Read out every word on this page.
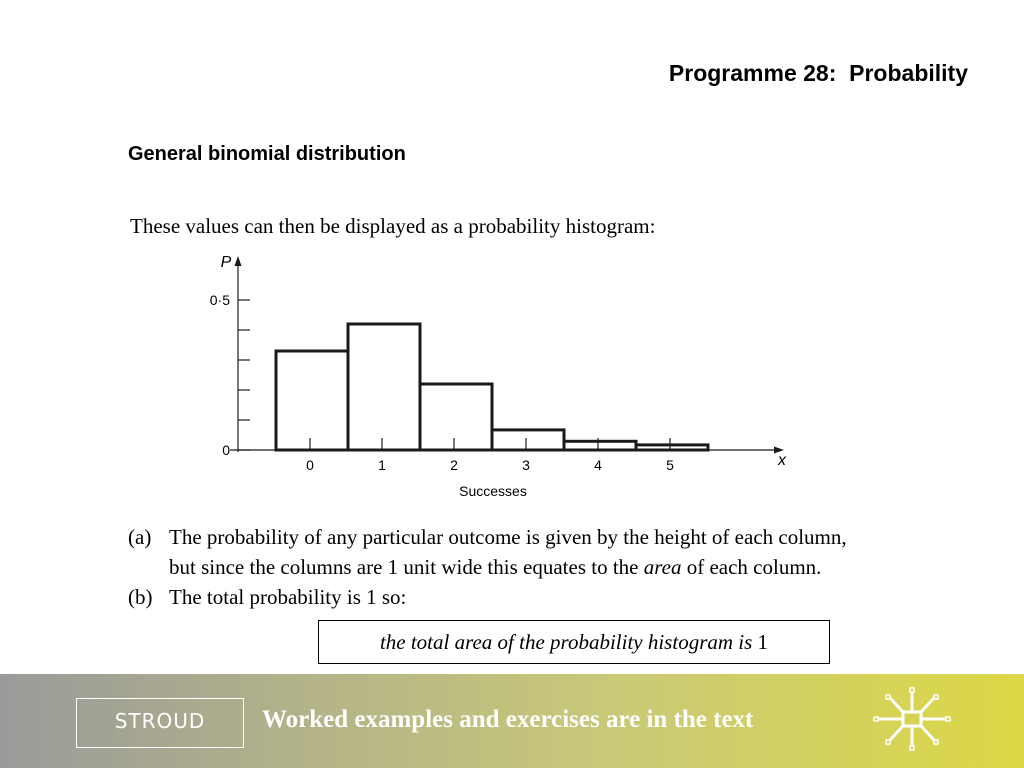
Programme 28:  Probability
General binomial distribution
These values can then be displayed as a probability histogram:
0
0·5
P
0	1	2	3	4	5	x
Successes
(a) The probability of any particular outcome is given by the height of each column,
but since the columns are 1 unit wide this equates to the area of each column.
(b) The total probability is 1 so:
the total area of the probability histogram is 1
STROUD	Worked examples and exercises are in the text
